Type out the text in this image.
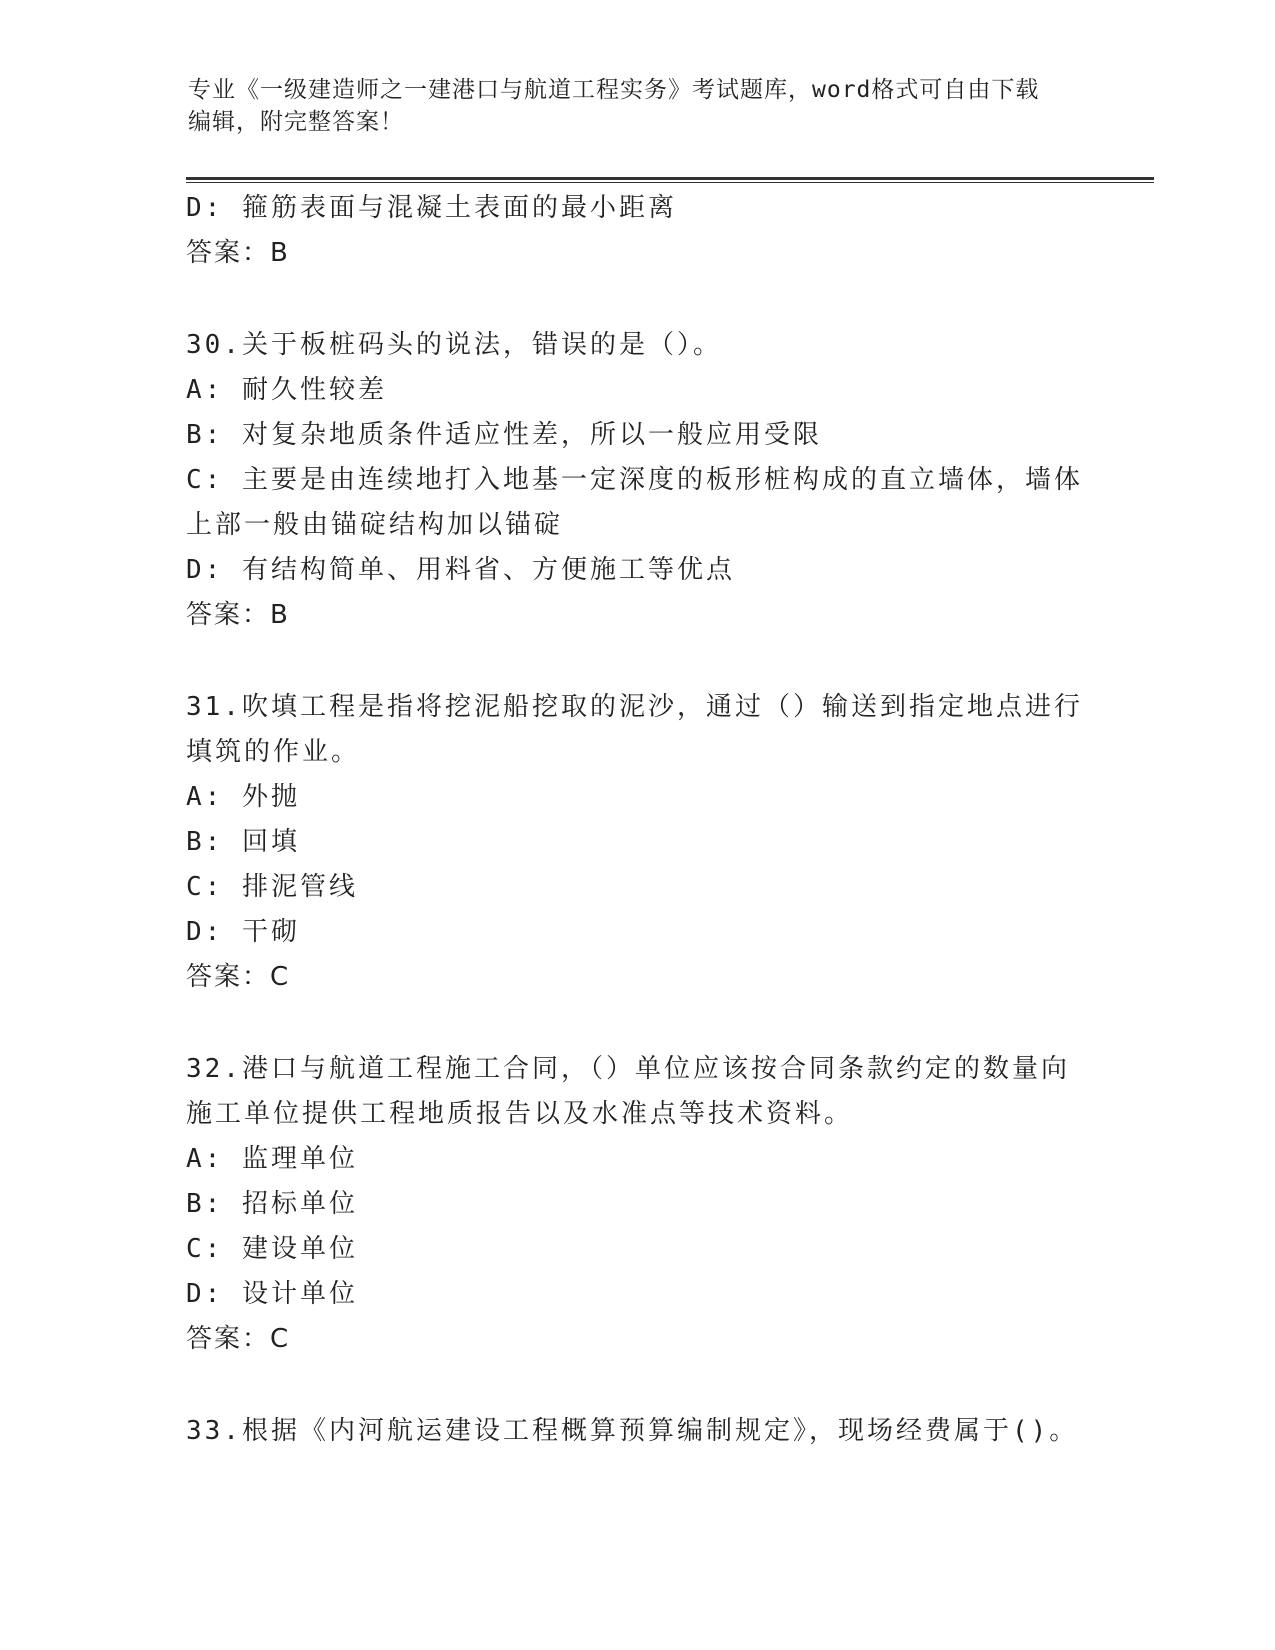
专业《一级建造师之一建港口与航道工程实务》考试题库，word格式可自由下载
编辑，附完整答案！
D: 箍筋表面与混凝土表面的最小距离
答案：B
30.关于板桩码头的说法，错误的是（）。
A: 耐久性较差
B: 对复杂地质条件适应性差，所以一般应用受限
C: 主要是由连续地打入地基一定深度的板形桩构成的直立墙体，墙体
上部一般由锚碇结构加以锚碇
D: 有结构简单、用料省、方便施工等优点
答案：B
31.吹填工程是指将挖泥船挖取的泥沙，通过（）输送到指定地点进行
填筑的作业。
A: 外抛
B: 回填
C: 排泥管线
D: 干砌
答案：C
32.港口与航道工程施工合同，（）单位应该按合同条款约定的数量向
施工单位提供工程地质报告以及水准点等技术资料。
A: 监理单位
B: 招标单位
C: 建设单位
D: 设计单位
答案：C
33.根据《内河航运建设工程概算预算编制规定》，现场经费属于()。
